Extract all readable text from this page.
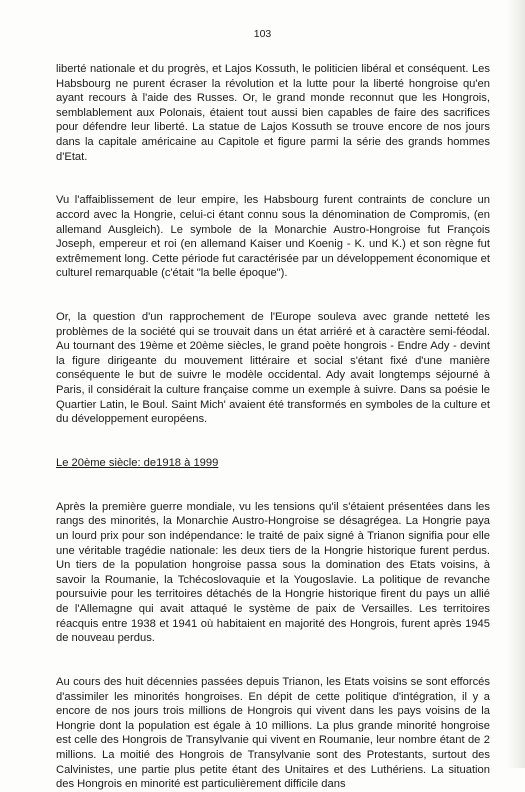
103

liberté nationale et du progrès, et Lajos Kossuth, le politicien libéral et conséquent. Les Habsbourg ne purent écraser la révolution et la lutte pour la liberté hongroise qu'en ayant recours à l'aide des Russes. Or, le grand monde reconnut que les Hongrois, semblablement aux Polonais, étaient tout aussi bien capables de faire des sacrifices pour défendre leur liberté. La statue de Lajos Kossuth se trouve encore de nos jours dans la capitale américaine au Capitole et figure parmi la série des grands hommes d'Etat.

Vu l'affaiblissement de leur empire, les Habsbourg furent contraints de conclure un accord avec la Hongrie, celui-ci étant connu sous la dénomination de Compromis, (en allemand Ausgleich). Le symbole de la Monarchie Austro-Hongroise fut François Joseph, empereur et roi (en allemand Kaiser und Koenig - K. und K.) et son règne fut extrêmement long. Cette période fut caractérisée par un développement économique et culturel remarquable (c'était "la belle époque").

Or, la question d'un rapprochement de l'Europe souleva avec grande netteté les problèmes de la société qui se trouvait dans un état arriéré et à caractère semi-féodal. Au tournant des 19ème et 20ème siècles, le grand poète hongrois - Endre Ady - devint la figure dirigeante du mouvement littéraire et social s'étant fixé d'une manière conséquente le but de suivre le modèle occidental. Ady avait longtemps séjourné à Paris, il considérait la culture française comme un exemple à suivre. Dans sa poésie le Quartier Latin, le Boul. Saint Mich' avaient été transformés en symboles de la culture et du développement européens.

Le 20ème siècle: de1918 à 1999

Après la première guerre mondiale, vu les tensions qu'il s'étaient présentées dans les rangs des minorités, la Monarchie Austro-Hongroise se désagrégea. La Hongrie paya un lourd prix pour son indépendance: le traité de paix signé à Trianon signifia pour elle une véritable tragédie nationale: les deux tiers de la Hongrie historique furent perdus. Un tiers de la population hongroise passa sous la domination des Etats voisins, à savoir la Roumanie, la Tchécoslovaquie et la Yougoslavie. La politique de revanche poursuivie pour les territoires détachés de la Hongrie historique firent du pays un allié de l'Allemagne qui avait attaqué le système de paix de Versailles. Les territoires réacquis entre 1938 et 1941 où habitaient en majorité des Hongrois, furent après 1945 de nouveau perdus.

Au cours des huit décennies passées depuis Trianon, les Etats voisins se sont efforcés d'assimiler les minorités hongroises. En dépit de cette politique d'intégration, il y a encore de nos jours trois millions de Hongrois qui vivent dans les pays voisins de la Hongrie dont la population est égale à 10 millions. La plus grande minorité hongroise est celle des Hongrois de Transylvanie qui vivent en Roumanie, leur nombre étant de 2 millions. La moitié des Hongrois de Transylvanie sont des Protestants, surtout des Calvinistes, une partie plus petite étant des Unitaires et des Luthériens. La situation des Hongrois en minorité est particulièrement difficile dans
